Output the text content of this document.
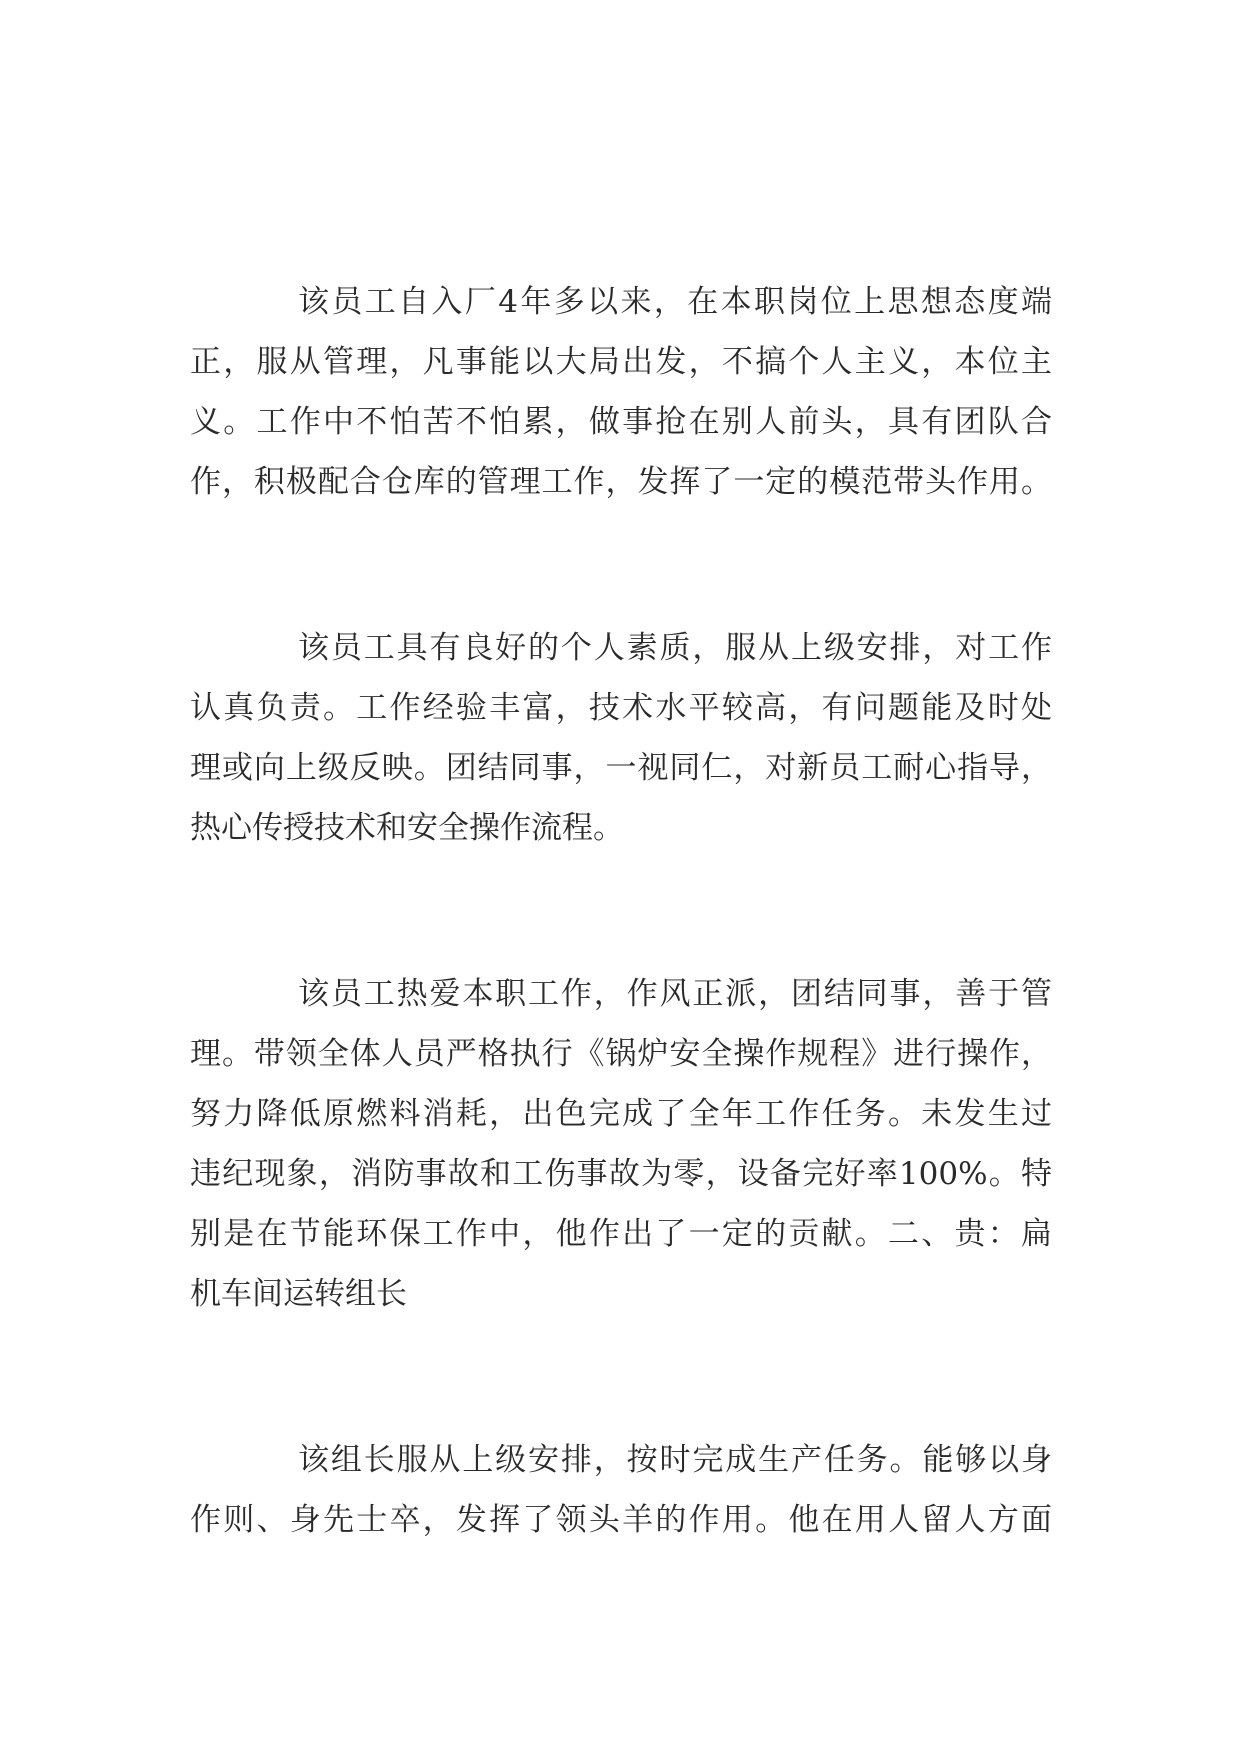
该员工自入厂4年多以来，在本职岗位上思想态度端
正，服从管理，凡事能以大局出发，不搞个人主义，本位主
义。工作中不怕苦不怕累，做事抢在别人前头，具有团队合
作，积极配合仓库的管理工作，发挥了一定的模范带头作用。
该员工具有良好的个人素质，服从上级安排，对工作
认真负责。工作经验丰富，技术水平较高，有问题能及时处
理或向上级反映。团结同事，一视同仁，对新员工耐心指导，
热心传授技术和安全操作流程。
该员工热爱本职工作，作风正派，团结同事，善于管
理。带领全体人员严格执行《锅炉安全操作规程》进行操作，
努力降低原燃料消耗，出色完成了全年工作任务。未发生过
违纪现象，消防事故和工伤事故为零，设备完好率100%。特
别是在节能环保工作中，他作出了一定的贡献。二、贵：扁
机车间运转组长
该组长服从上级安排，按时完成生产任务。能够以身
作则、身先士卒，发挥了领头羊的作用。他在用人留人方面
